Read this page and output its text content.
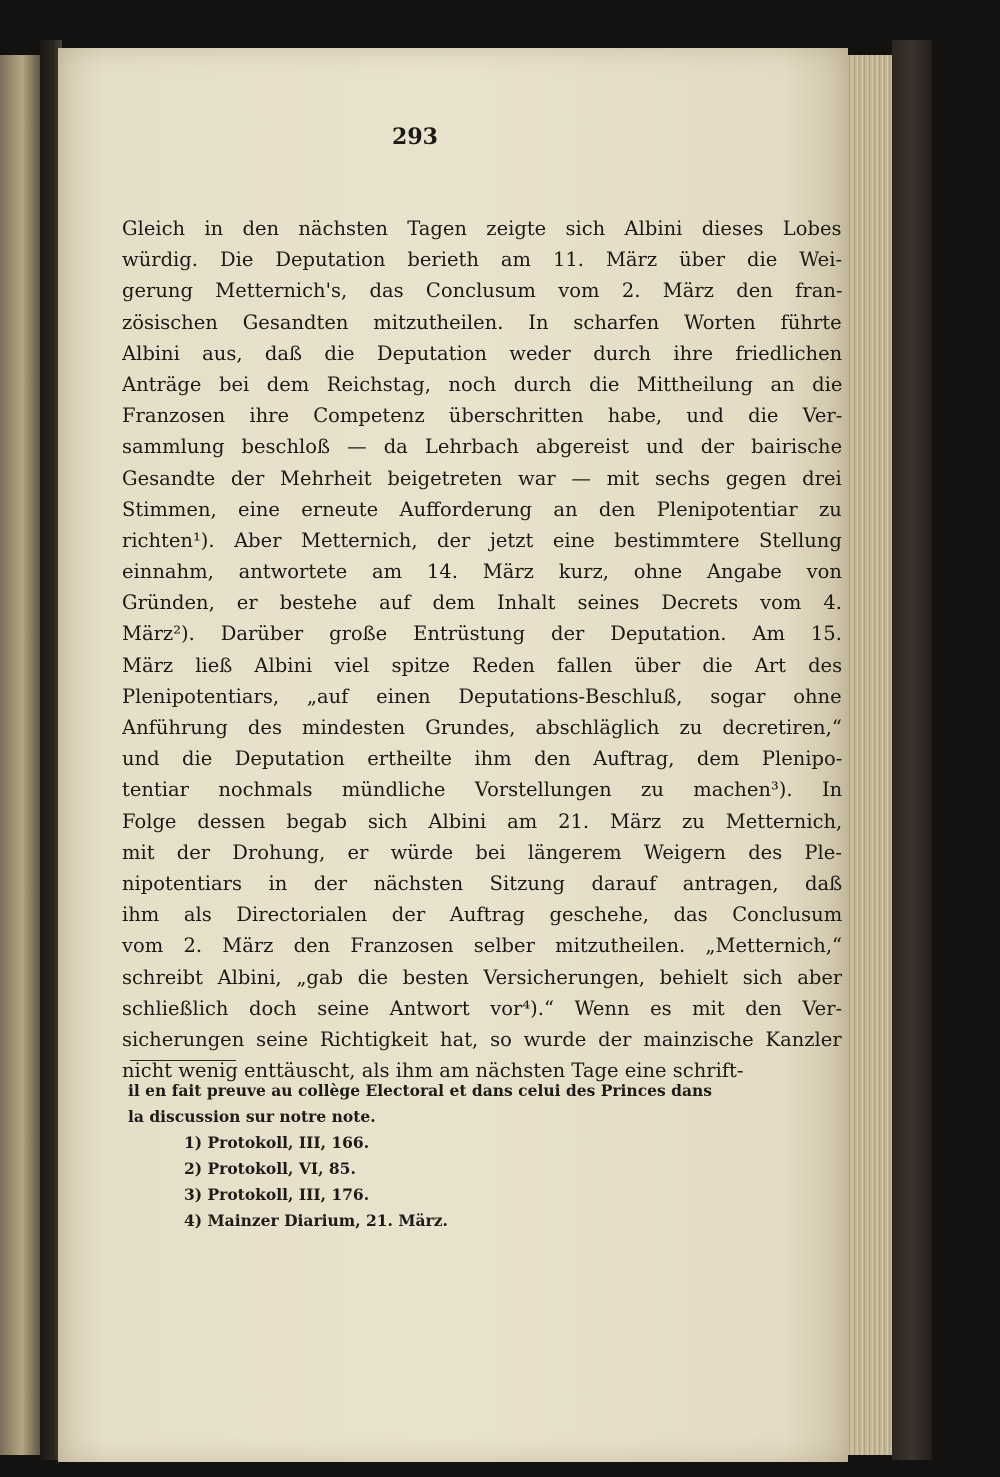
293
Gleich in den nächsten Tagen zeigte sich Albini dieses Lobes
würdig. Die Deputation berieth am 11. März über die Wei-
gerung Metternich's, das Conclusum vom 2. März den fran-
zösischen Gesandten mitzutheilen. In scharfen Worten führte
Albini aus, daß die Deputation weder durch ihre friedlichen
Anträge bei dem Reichstag, noch durch die Mittheilung an die
Franzosen ihre Competenz überschritten habe, und die Ver-
sammlung beschloß — da Lehrbach abgereist und der bairische
Gesandte der Mehrheit beigetreten war — mit sechs gegen drei
Stimmen, eine erneute Aufforderung an den Plenipotentiar zu
richten¹). Aber Metternich, der jetzt eine bestimmtere Stellung
einnahm, antwortete am 14. März kurz, ohne Angabe von
Gründen, er bestehe auf dem Inhalt seines Decrets vom 4.
März²). Darüber große Entrüstung der Deputation. Am 15.
März ließ Albini viel spitze Reden fallen über die Art des
Plenipotentiars, „auf einen Deputations-Beschluß, sogar ohne
Anführung des mindesten Grundes, abschläglich zu decretiren,“
und die Deputation ertheilte ihm den Auftrag, dem Plenipo-
tentiar nochmals mündliche Vorstellungen zu machen³). In
Folge dessen begab sich Albini am 21. März zu Metternich,
mit der Drohung, er würde bei längerem Weigern des Ple-
nipotentiars in der nächsten Sitzung darauf antragen, daß
ihm als Directorialen der Auftrag geschehe, das Conclusum
vom 2. März den Franzosen selber mitzutheilen. „Metternich,“
schreibt Albini, „gab die besten Versicherungen, behielt sich aber
schließlich doch seine Antwort vor⁴).“ Wenn es mit den Ver-
sicherungen seine Richtigkeit hat, so wurde der mainzische Kanzler
nicht wenig enttäuscht, als ihm am nächsten Tage eine schrift-
il en fait preuve au collège Electoral et dans celui des Princes dans
la discussion sur notre note.
1) Protokoll, III, 166.
2) Protokoll, VI, 85.
3) Protokoll, III, 176.
4) Mainzer Diarium, 21. März.
